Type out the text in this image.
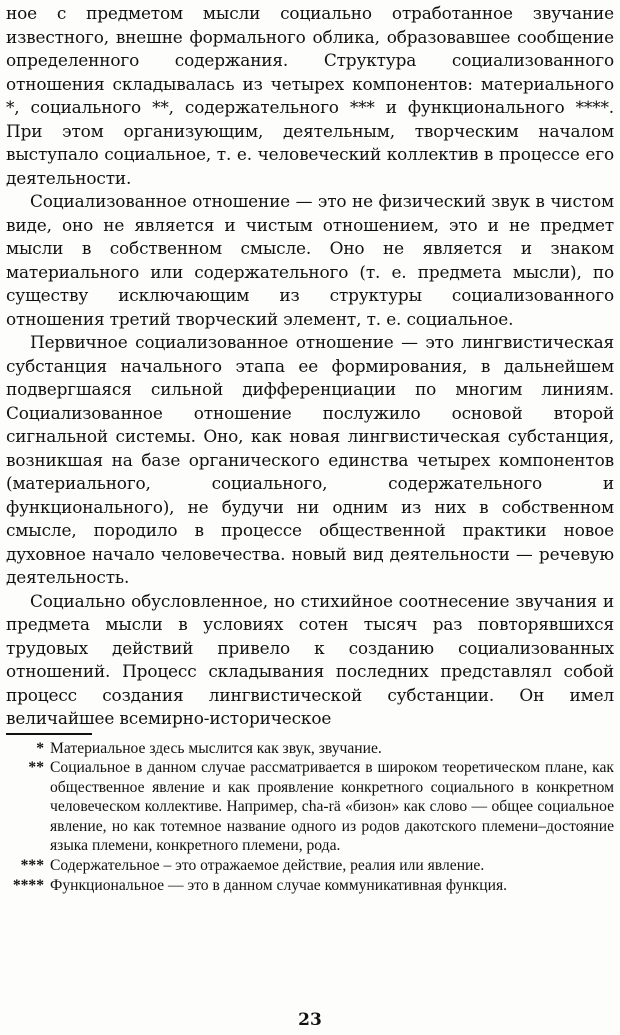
ное с предметом мысли социально отработанное звучание известного, внешне формального облика, образовавшее сообщение определенного содержания. Структура социализованного отношения складывалась из четырех компонентов: материального *, социального **, содержательного *** и функционального ****. При этом организующим, деятельным, творческим началом выступало социальное, т. е. человеческий коллектив в процессе его деятельности.

Социализованное отношение — это не физический звук в чистом виде, оно не является и чистым отношением, это и не предмет мысли в собственном смысле. Оно не является и знаком материального или содержательного (т. е. предмета мысли), по существу исключающим из структуры социализованного отношения третий творческий элемент, т. е. социальное.

Первичное социализованное отношение — это лингвистическая субстанция начального этапа ее формирования, в дальнейшем подвергшаяся сильной дифференциации по многим линиям. Социализованное отношение послужило основой второй сигнальной системы. Оно, как новая лингвистическая субстанция, возникшая на базе органического единства четырех компонентов (материального, социального, содержательного и функционального), не будучи ни одним из них в собственном смысле, породило в процессе общественной практики новое духовное начало человечества. новый вид деятельности — речевую деятельность.

Социально обусловленное, но стихийное соотнесение звучания и предмета мысли в условиях сотен тысяч раз повторявшихся трудовых действий привело к созданию социализованных отношений. Процесс складывания последних представлял собой процесс создания лингвистической субстанции. Он имел величайшее всемирно-историческое

* Материальное здесь мыслится как звук, звучание.
** Социальное в данном случае рассматривается в широком теоретическом плане, как общественное явление и как проявление конкретного социального в конкретном человеческом коллективе. Например, cha-rä «бизон» как слово — общее социальное явление, но как тотемное название одного из родов дакотского племени–достояние языка племени, конкретного племени, рода.
*** Содержательное – это отражаемое действие, реалия или явление.
**** Функциональное — это в данном случае коммуникативная функция.
23
